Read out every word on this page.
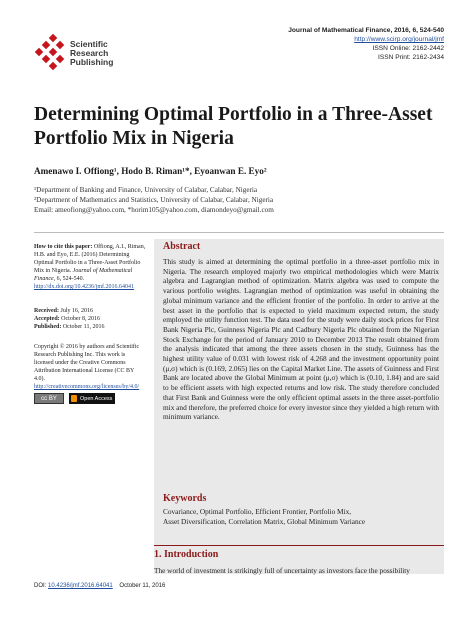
Scientific
Research
Publishing
Journal of Mathematical Finance, 2016, 6, 524-540
http://www.scirp.org/journal/jmf
ISSN Online: 2162-2442
ISSN Print: 2162-2434
Determining Optimal Portfolio in a Three-Asset
Portfolio Mix in Nigeria
Amenawo I. Offiong¹, Hodo B. Riman¹*, Eyoanwan E. Eyo²
¹Department of Banking and Finance, University of Calabar, Calabar, Nigeria
²Department of Mathematics and Statistics, University of Calabar, Calabar, Nigeria
Email: ameofiong@yahoo.com, *horim105@yahoo.com, diamondeyo@gmail.com
How to cite this paper: Offiong, A.I., Riman, H.B. and Eyo, E.E. (2016) Determining Optimal Portfolio in a Three-Asset Portfolio Mix in Nigeria. Journal of Mathematical Finance, 6, 524-540. http://dx.doi.org/10.4236/jmf.2016.64041
Received: July 16, 2016
Accepted: October 8, 2016
Published: October 11, 2016
Copyright © 2016 by authors and Scientific Research Publishing Inc. This work is licensed under the Creative Commons Attribution International License (CC BY 4.0). http://creativecommons.org/licenses/by/4.0/
cc BY	Open Access
Abstract
This study is aimed at determining the optimal portfolio in a three-asset portfolio mix in Nigeria. The research employed majorly two empirical methodologies which were Matrix algebra and Lagrangian method of optimization. Matrix algebra was used to compute the various portfolio weights. Lagrangian method of optimization was useful in obtaining the global minimum variance and the efficient frontier of the portfolio. In order to arrive at the best asset in the portfolio that is expected to yield maximum expected return, the study employed the utility function test. The data used for the study were daily stock prices for First Bank Nigeria Plc, Guinness Nigeria Plc and Cadbury Nigeria Plc obtained from the Nigerian Stock Exchange for the period of January 2010 to December 2013 The result obtained from the analysis indicated that among the three assets chosen in the study, Guinness has the highest utility value of 0.031 with lowest risk of 4.268 and the investment opportunity point (μ,σ) which is (0.169, 2.065) lies on the Capital Market Line. The assets of Guinness and First Bank are located above the Global Minimum at point (μ,σ) which is (0.10, 1.84) and are said to be efficient assets with high expected returns and low risk. The study therefore concluded that First Bank and Guinness were the only efficient optimal assets in the three asset-portfolio mix and therefore, the preferred choice for every investor since they yielded a high return with minimum variance.
Keywords
Covariance, Optimal Portfolio, Efficient Frontier, Portfolio Mix,
Asset Diversification, Correlation Matrix, Global Minimum Variance
1. Introduction
The world of investment is strikingly full of uncertainty as investors face the possibility
DOI: 10.4236/jmf.2016.64041 October 11, 2016
